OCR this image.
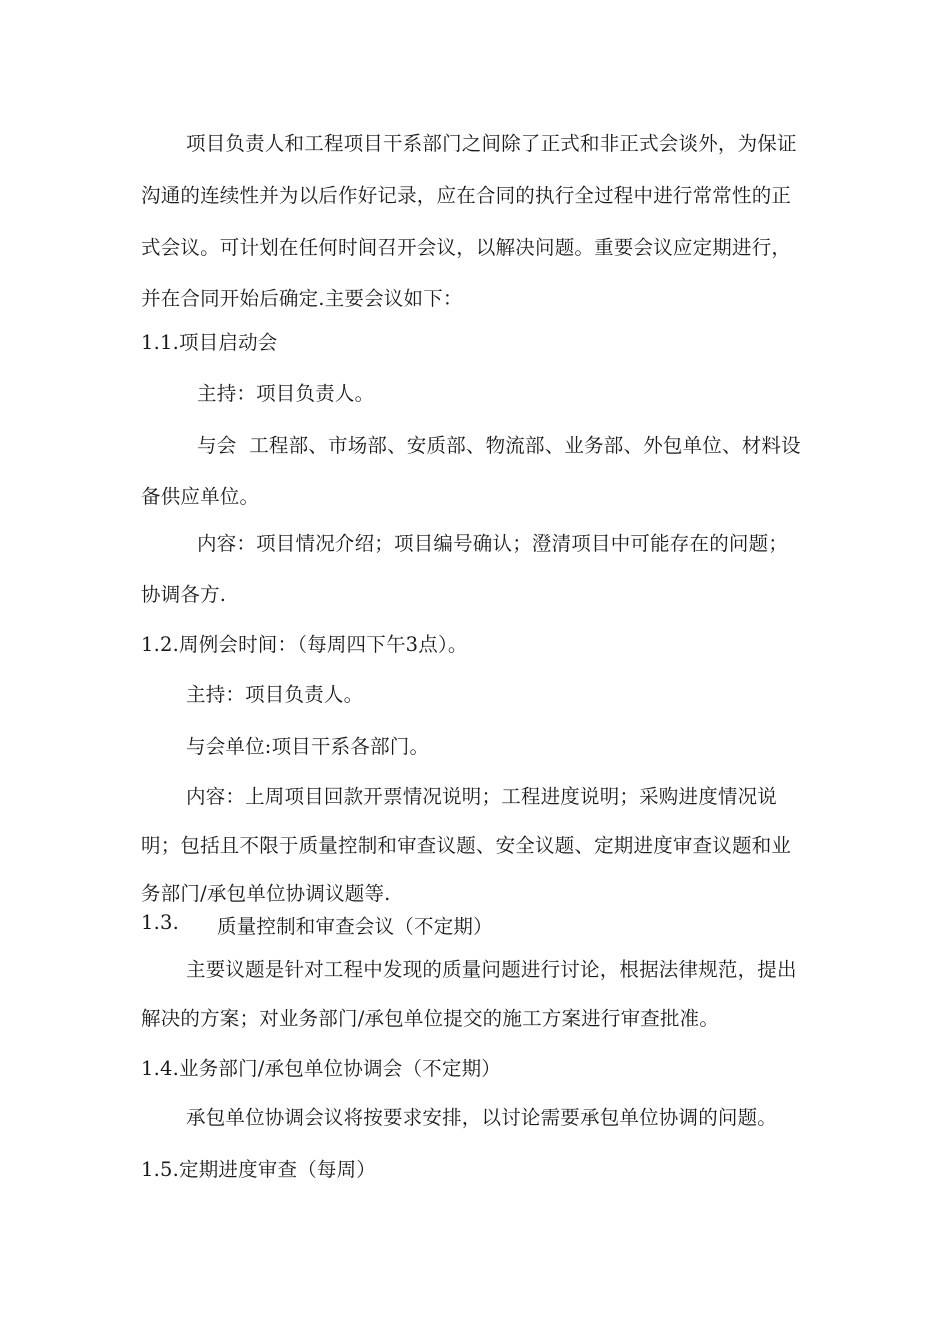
项目负责人和工程项目干系部门之间除了正式和非正式会谈外，为保证
沟通的连续性并为以后作好记录，应在合同的执行全过程中进行常常性的正
式会议。可计划在任何时间召开会议，以解决问题。重要会议应定期进行，
并在合同开始后确定.主要会议如下：
1.1.项目启动会
主持：项目负责人。
与会  工程部、市场部、安质部、物流部、业务部、外包单位、材料设
备供应单位。
内容：项目情况介绍；项目编号确认；澄清项目中可能存在的问题；
协调各方.
1.2.周例会时间：（每周四下午3点）。
主持：项目负责人。
与会单位:项目干系各部门。
内容：上周项目回款开票情况说明；工程进度说明；采购进度情况说
明；包括且不限于质量控制和审查议题、安全议题、定期进度审查议题和业
务部门/承包单位协调议题等.
1.3. 质量控制和审查会议（不定期）
主要议题是针对工程中发现的质量问题进行讨论，根据法律规范，提出
解决的方案；对业务部门/承包单位提交的施工方案进行审查批准。
1.4.业务部门/承包单位协调会（不定期）
承包单位协调会议将按要求安排，以讨论需要承包单位协调的问题。
1.5.定期进度审查（每周）
